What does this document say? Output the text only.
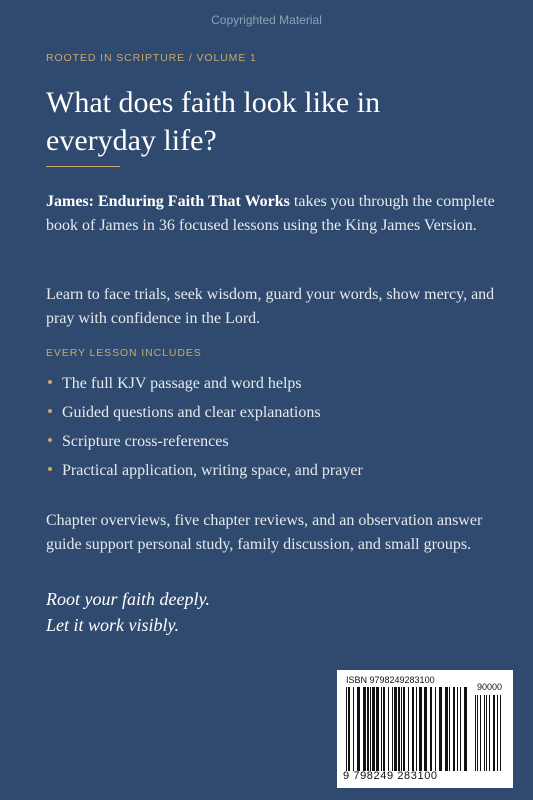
Copyrighted Material
ROOTED IN SCRIPTURE / VOLUME 1
What does faith look like in everyday life?

James: Enduring Faith That Works takes you through the complete book of James in 36 focused lessons using the King James Version.

Learn to face trials, seek wisdom, guard your words, show mercy, and pray with confidence in the Lord.

EVERY LESSON INCLUDES
The full KJV passage and word helps
Guided questions and clear explanations
Scripture cross-references
Practical application, writing space, and prayer

Chapter overviews, five chapter reviews, and an observation answer guide support personal study, family discussion, and small groups.

Root your faith deeply.
Let it work visibly.
ISBN 9798249283100
90000
9 798249 283100
